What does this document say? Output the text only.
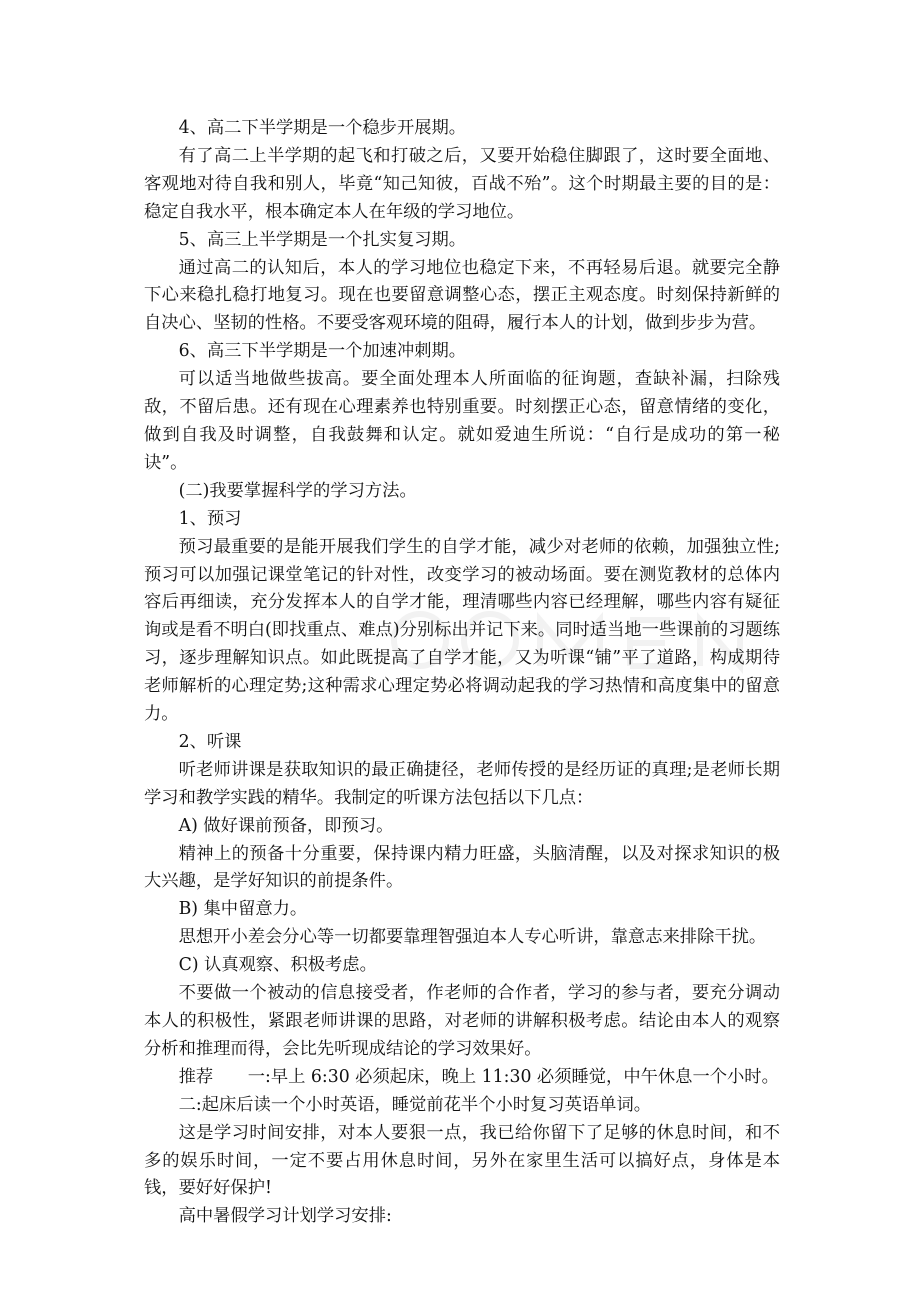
4、高二下半学期是一个稳步开展期。

有了高二上半学期的起飞和打破之后，又要开始稳住脚跟了，这时要全面地、客观地对待自我和别人，毕竟“知己知彼，百战不殆”。这个时期最主要的目的是：稳定自我水平，根本确定本人在年级的学习地位。

5、高三上半学期是一个扎实复习期。

通过高二的认知后，本人的学习地位也稳定下来，不再轻易后退。就要完全静下心来稳扎稳打地复习。现在也要留意调整心态，摆正主观态度。时刻保持新鲜的自决心、坚韧的性格。不要受客观环境的阻碍，履行本人的计划，做到步步为营。

6、高三下半学期是一个加速冲刺期。

可以适当地做些拔高。要全面处理本人所面临的征询题，查缺补漏，扫除残敌，不留后患。还有现在心理素养也特别重要。时刻摆正心态，留意情绪的变化，做到自我及时调整，自我鼓舞和认定。就如爱迪生所说：“自行是成功的第一秘诀”。

(二)我要掌握科学的学习方法。

1、预习

预习最重要的是能开展我们学生的自学才能，减少对老师的依赖，加强独立性;预习可以加强记课堂笔记的针对性，改变学习的被动场面。要在测览教材的总体内容后再细读，充分发挥本人的自学才能，理清哪些内容已经理解，哪些内容有疑征询或是看不明白(即找重点、难点)分别标出并记下来。同时适当地一些课前的习题练习，逐步理解知识点。如此既提高了自学才能，又为听课“铺”平了道路，构成期待老师解析的心理定势;这种需求心理定势必将调动起我的学习热情和高度集中的留意力。

2、听课

听老师讲课是获取知识的最正确捷径，老师传授的是经历证的真理;是老师长期学习和教学实践的精华。我制定的听课方法包括以下几点：

A) 做好课前预备，即预习。

精神上的预备十分重要，保持课内精力旺盛，头脑清醒，以及对探求知识的极大兴趣，是学好知识的前提条件。

B) 集中留意力。

思想开小差会分心等一切都要靠理智强迫本人专心听讲，靠意志来排除干扰。

C) 认真观察、积极考虑。

不要做一个被动的信息接受者，作老师的合作者，学习的参与者，要充分调动本人的积极性，紧跟老师讲课的思路，对老师的讲解积极考虑。结论由本人的观察分析和推理而得，会比先听现成结论的学习效果好。

推荐　　一:早上 6:30 必须起床，晚上 11:30 必须睡觉，中午休息一个小时。

二:起床后读一个小时英语，睡觉前花半个小时复习英语单词。

这是学习时间安排，对本人要狠一点，我已给你留下了足够的休息时间，和不多的娱乐时间，一定不要占用休息时间，另外在家里生活可以搞好点，身体是本钱，要好好保护!

高中暑假学习计划学习安排:
